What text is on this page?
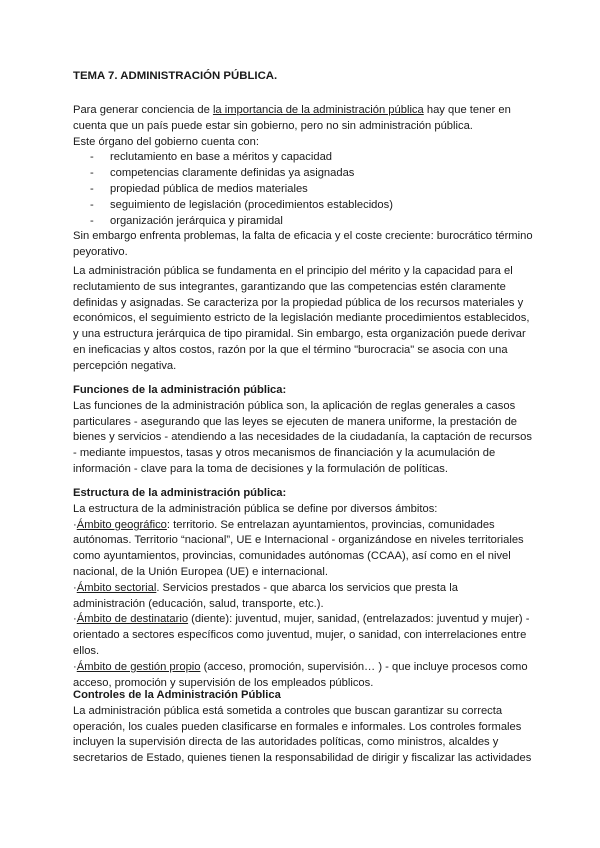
TEMA 7. ADMINISTRACIÓN PÚBLICA.

Para generar conciencia de la importancia de la administración pública hay que tener en cuenta que un país puede estar sin gobierno, pero no sin administración pública.

Este órgano del gobierno cuenta con:

- reclutamiento en base a méritos y capacidad
- competencias claramente definidas ya asignadas
- propiedad pública de medios materiales
- seguimiento de legislación (procedimientos establecidos)
- organización jerárquica y piramidal

Sin embargo enfrenta problemas, la falta de eficacia y el coste creciente: burocrático término peyorativo.

La administración pública se fundamenta en el principio del mérito y la capacidad para el reclutamiento de sus integrantes, garantizando que las competencias estén claramente definidas y asignadas. Se caracteriza por la propiedad pública de los recursos materiales y económicos, el seguimiento estricto de la legislación mediante procedimientos establecidos, y una estructura jerárquica de tipo piramidal. Sin embargo, esta organización puede derivar en ineficacias y altos costos, razón por la que el término "burocracia" se asocia con una percepción negativa.

Funciones de la administración pública:

Las funciones de la administración pública son, la aplicación de reglas generales a casos particulares - asegurando que las leyes se ejecuten de manera uniforme, la prestación de bienes y servicios - atendiendo a las necesidades de la ciudadanía, la captación de recursos - mediante impuestos, tasas y otros mecanismos de financiación y la acumulación de información - clave para la toma de decisiones y la formulación de políticas.

Estructura de la administración pública:

La estructura de la administración pública se define por diversos ámbitos:

·Ámbito geográfico: territorio. Se entrelazan ayuntamientos, provincias, comunidades autónomas. Territorio “nacional”, UE e Internacional - organizándose en niveles territoriales como ayuntamientos, provincias, comunidades autónomas (CCAA), así como en el nivel nacional, de la Unión Europea (UE) e internacional.

·Ámbito sectorial. Servicios prestados - que abarca los servicios que presta la administración (educación, salud, transporte, etc.).

·Ámbito de destinatario (diente): juventud, mujer, sanidad, (entrelazados: juventud y mujer) - orientado a sectores específicos como juventud, mujer, o sanidad, con interrelaciones entre ellos.

·Ámbito de gestión propio (acceso, promoción, supervisión… ) - que incluye procesos como acceso, promoción y supervisión de los empleados públicos.

Controles de la Administración Pública

La administración pública está sometida a controles que buscan garantizar su correcta operación, los cuales pueden clasificarse en formales e informales. Los controles formales incluyen la supervisión directa de las autoridades políticas, como ministros, alcaldes y secretarios de Estado, quienes tienen la responsabilidad de dirigir y fiscalizar las actividades
